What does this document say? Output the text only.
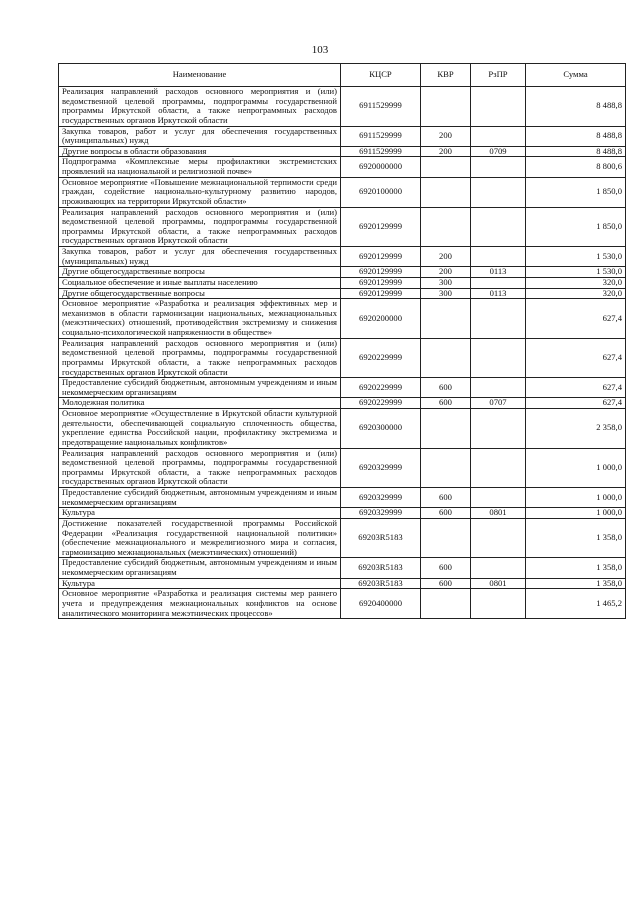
103
Наименование	КЦСР	КВР	РзПР	Сумма
Реализация направлений расходов основного мероприятия и (или) ведомственной целевой программы, подпрограммы государственной программы Иркутской области, а также непрограммных расходов государственных органов Иркутской области	6911529999			8 488,8
Закупка товаров, работ и услуг для обеспечения государственных (муниципальных) нужд	6911529999	200		8 488,8
Другие вопросы в области образования	6911529999	200	0709	8 488,8
Подпрограмма «Комплексные меры профилактики экстремистских проявлений на национальной и религиозной почве»	6920000000			8 800,6
Основное мероприятие «Повышение межнациональной терпимости среди граждан, содействие национально-культурному развитию народов, проживающих на территории Иркутской области»	6920100000			1 850,0
Реализация направлений расходов основного мероприятия и (или) ведомственной целевой программы, подпрограммы государственной программы Иркутской области, а также непрограммных расходов государственных органов Иркутской области	6920129999			1 850,0
Закупка товаров, работ и услуг для обеспечения государственных (муниципальных) нужд	6920129999	200		1 530,0
Другие общегосударственные вопросы	6920129999	200	0113	1 530,0
Социальное обеспечение и иные выплаты населению	6920129999	300		320,0
Другие общегосударственные вопросы	6920129999	300	0113	320,0
Основное мероприятие «Разработка и реализация эффективных мер и механизмов в области гармонизации национальных, межнациональных (межэтнических) отношений, противодействия экстремизму и снижения социально-психологической напряженности в обществе»	6920200000			627,4
Реализация направлений расходов основного мероприятия и (или) ведомственной целевой программы, подпрограммы государственной программы Иркутской области, а также непрограммных расходов государственных органов Иркутской области	6920229999			627,4
Предоставление субсидий бюджетным, автономным учреждениям и иным некоммерческим организациям	6920229999	600		627,4
Молодежная политика	6920229999	600	0707	627,4
Основное мероприятие «Осуществление в Иркутской области культурной деятельности, обеспечивающей социальную сплоченность общества, укрепление единства Российской нации, профилактику экстремизма и предотвращение национальных конфликтов»	6920300000			2 358,0
Реализация направлений расходов основного мероприятия и (или) ведомственной целевой программы, подпрограммы государственной программы Иркутской области, а также непрограммных расходов государственных органов Иркутской области	6920329999			1 000,0
Предоставление субсидий бюджетным, автономным учреждениям и иным некоммерческим организациям	6920329999	600		1 000,0
Культура	6920329999	600	0801	1 000,0
Достижение показателей государственной программы Российской Федерации «Реализация государственной национальной политики» (обеспечение межнационального и межрелигиозного мира и согласия, гармонизацию межнациональных (межэтнических) отношений)	69203R5183			1 358,0
Предоставление субсидий бюджетным, автономным учреждениям и иным некоммерческим организациям	69203R5183	600		1 358,0
Культура	69203R5183	600	0801	1 358,0
Основное мероприятие «Разработка и реализация системы мер раннего учета и предупреждения межнациональных конфликтов на основе аналитического мониторинга межэтнических процессов»	6920400000			1 465,2
